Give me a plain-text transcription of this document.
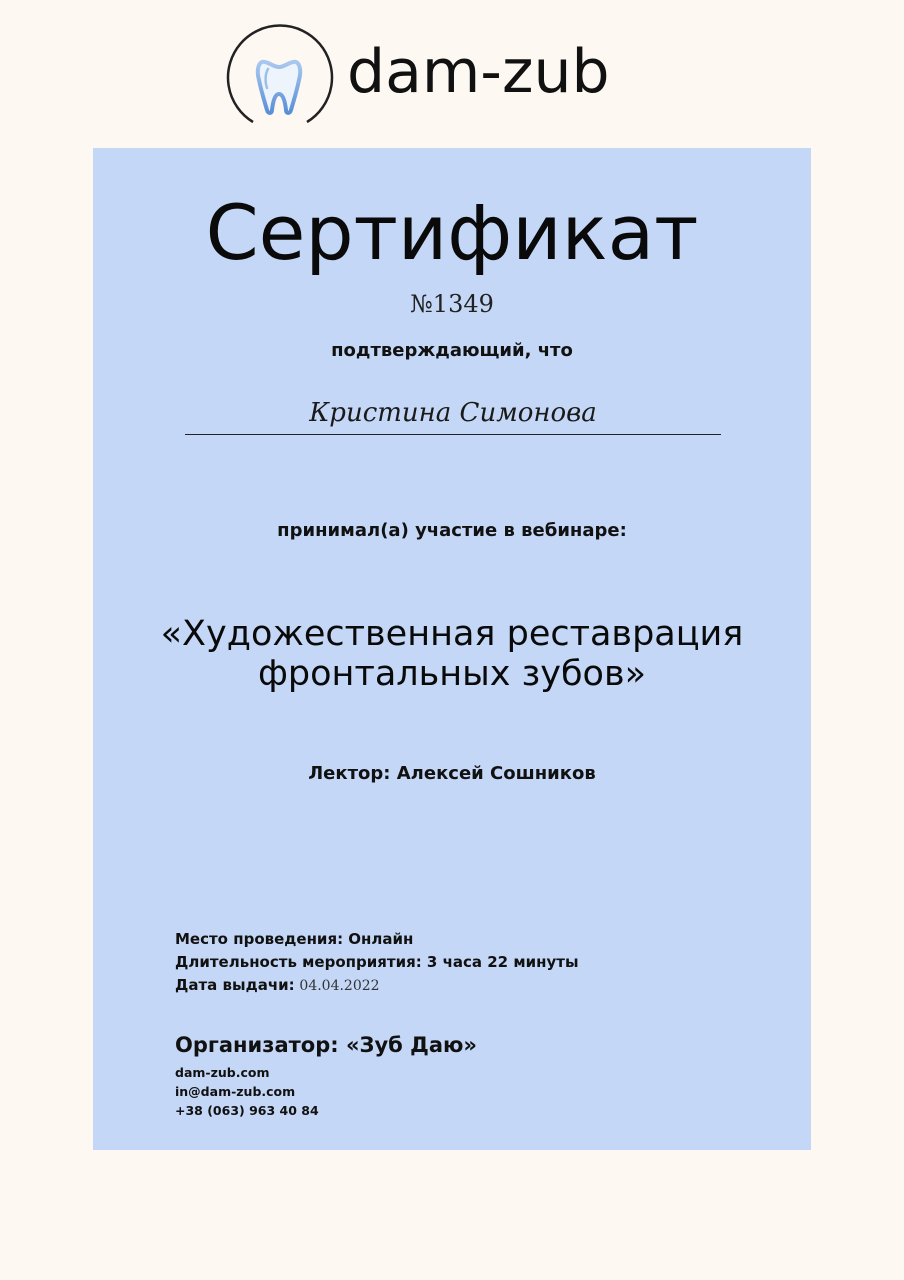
dam-zub
Сертификат
№1349
подтверждающий, что
Кристина Симонова
принимал(а) участие в вебинаре:
«Художественная реставрация
фронтальных зубов»
Лектор: Алексей Сошников
Место проведения: Онлайн
Длительность мероприятия: 3 часа 22 минуты
Дата выдачи: 04.04.2022
Организатор: «Зуб Даю»
dam-zub.com
in@dam-zub.com
+38 (063) 963 40 84
